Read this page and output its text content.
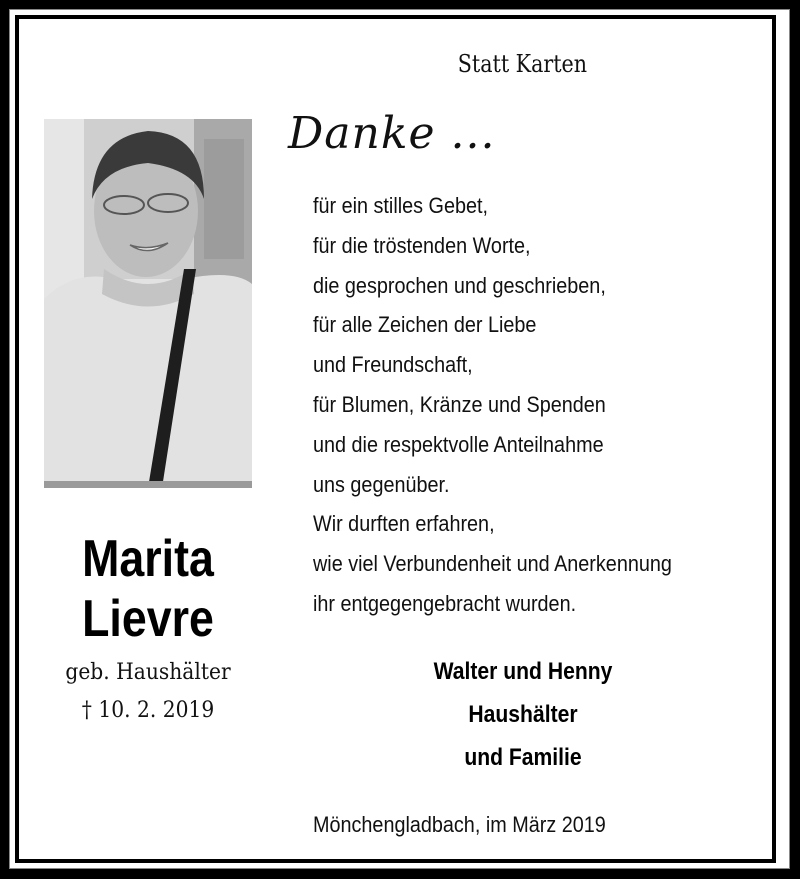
Statt Karten
Danke ...
Marita
Lievre
geb. Haushälter
† 10. 2. 2019
für ein stilles Gebet,
für die tröstenden Worte,
die gesprochen und geschrieben,
für alle Zeichen der Liebe
und Freundschaft,
für Blumen, Kränze und Spenden
und die respektvolle Anteilnahme
uns gegenüber.
Wir durften erfahren,
wie viel Verbundenheit und Anerkennung
ihr entgegengebracht wurden.
Walter und Henny
Haushälter
und Familie
Mönchengladbach, im März 2019
